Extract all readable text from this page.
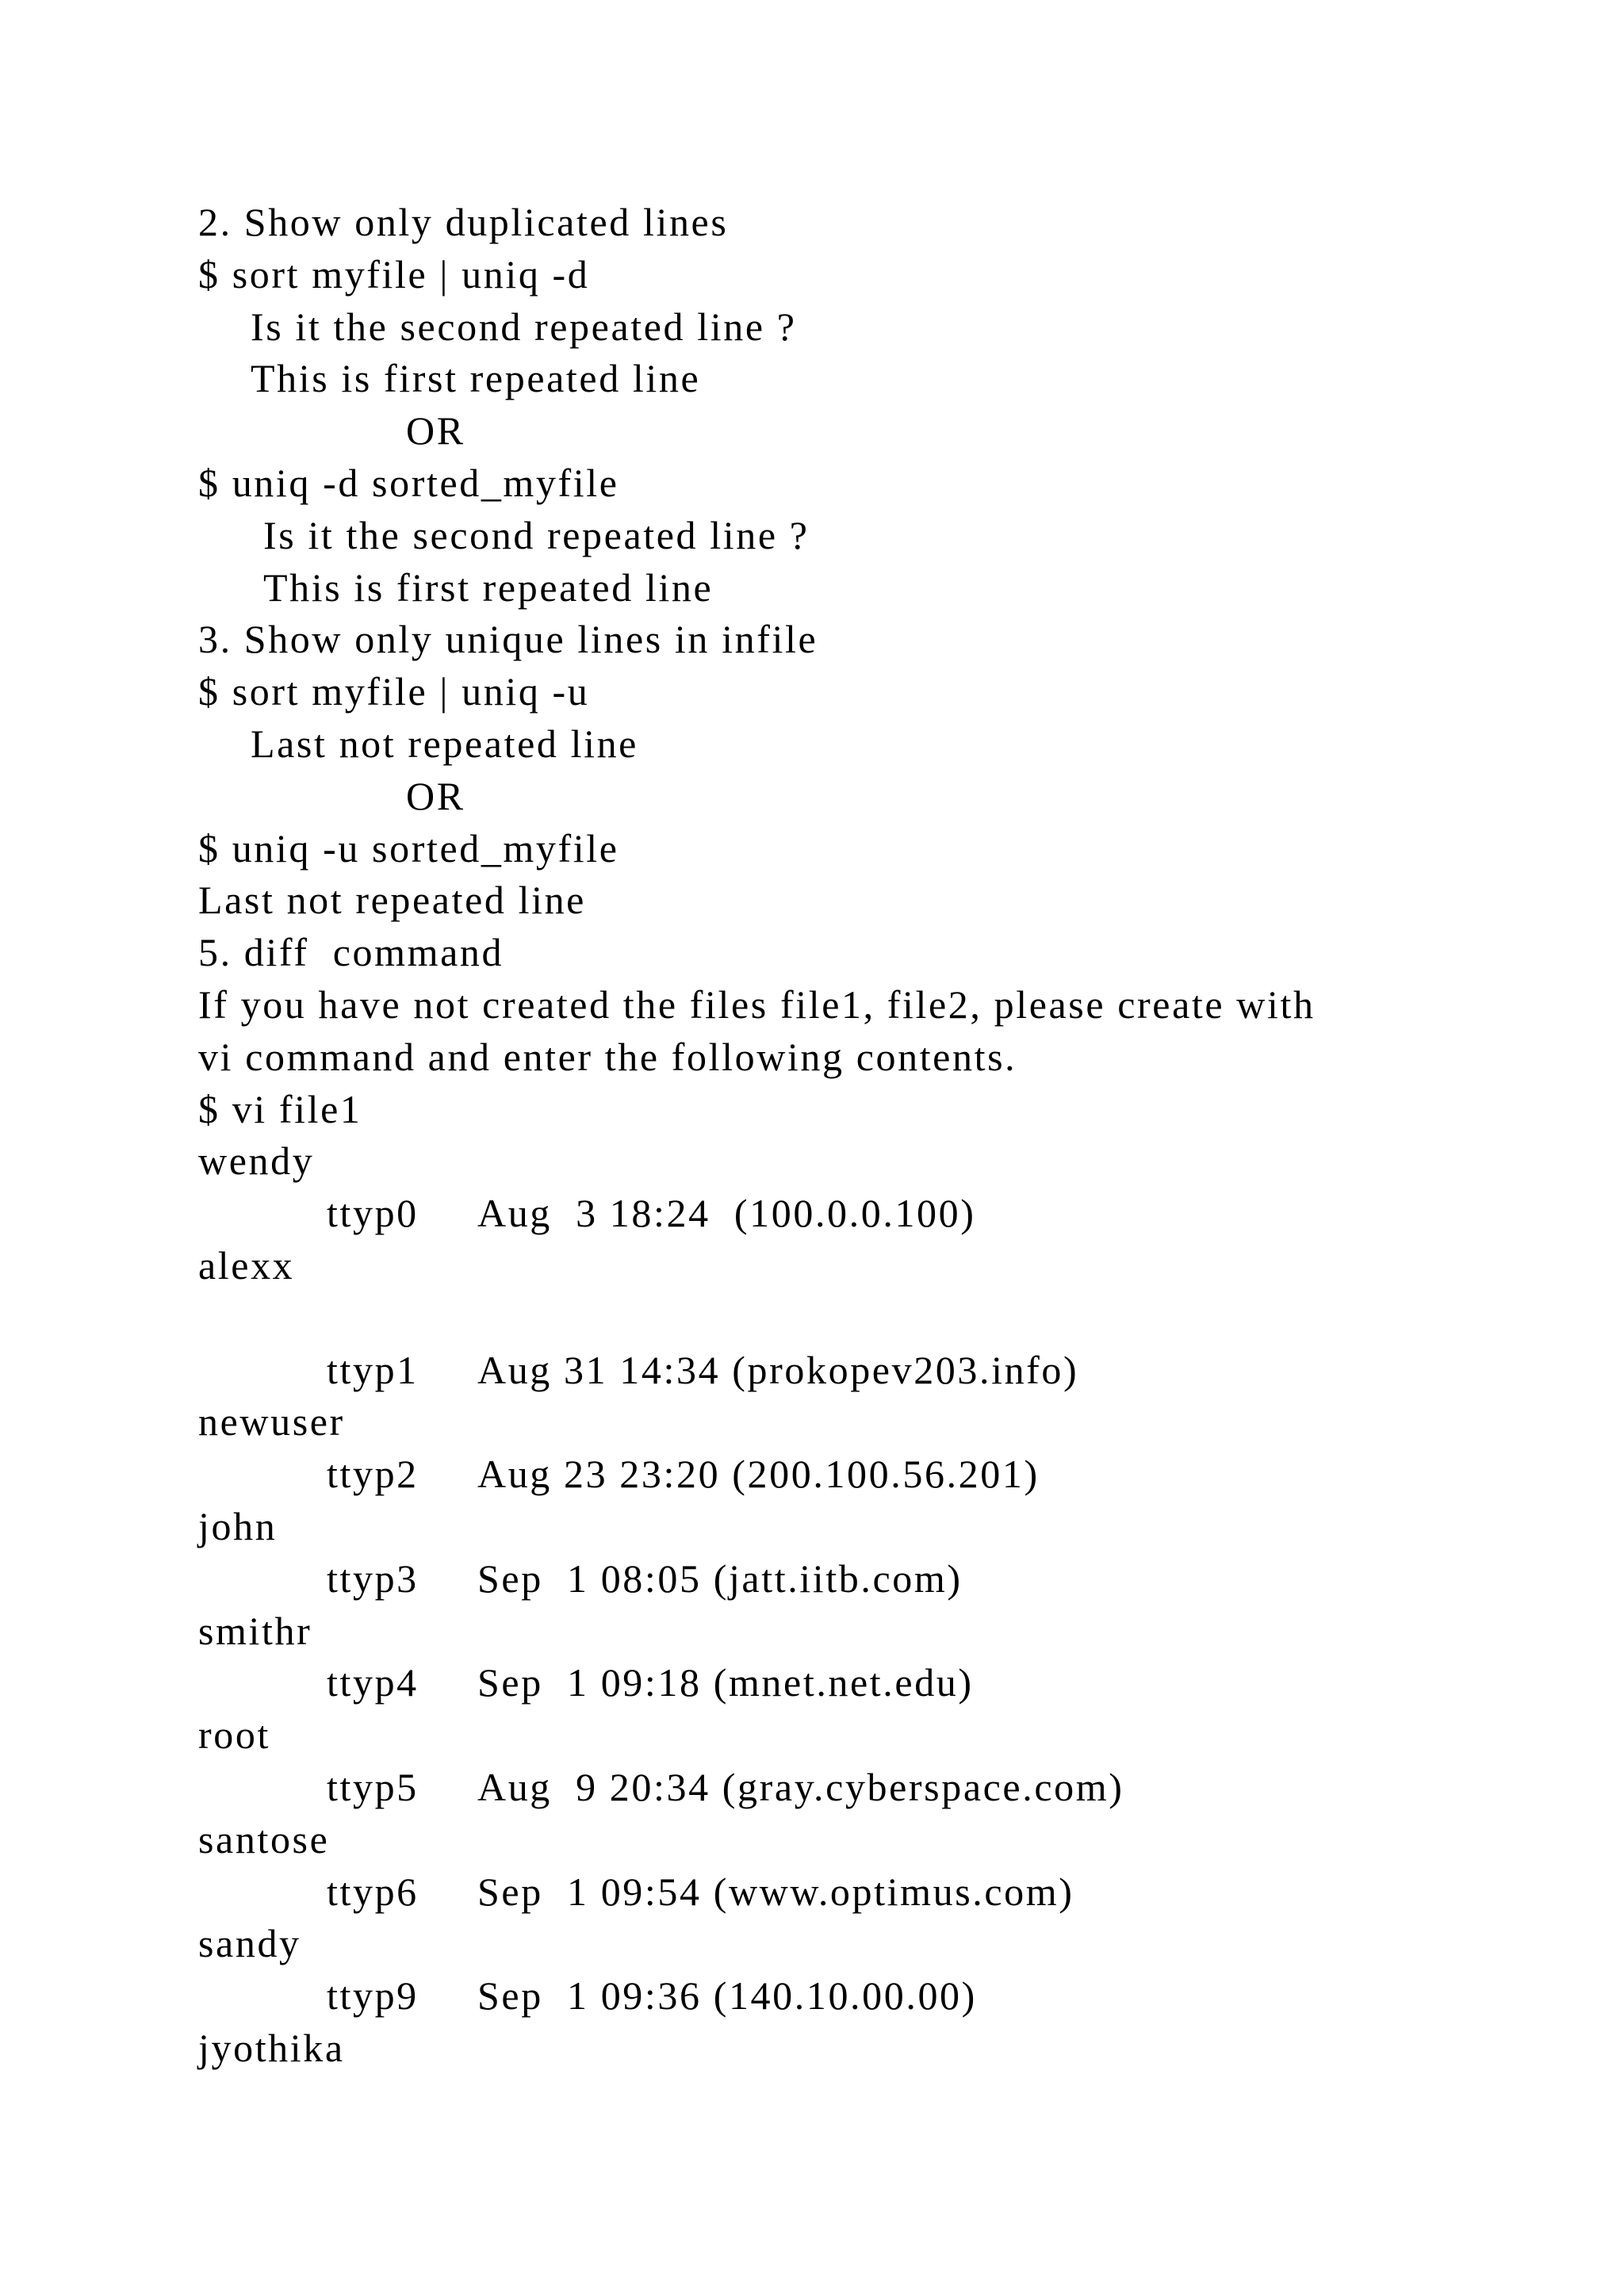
2. Show only duplicated lines
$ sort myfile | uniq -d
Is it the second repeated line ?
This is first repeated line
OR
$ uniq -d sorted_myfile
Is it the second repeated line ?
This is first repeated line
3. Show only unique lines in infile
$ sort myfile | uniq -u
Last not repeated line
OR
$ uniq -u sorted_myfile
Last not repeated line
5. diff  command
If you have not created the files file1, file2, please create with
vi command and enter the following contents.
$ vi file1
wendy
ttyp0 Aug  3 18:24  (100.0.0.100)
alexx
ttyp1 Aug 31 14:34 (prokopev203.info)
newuser
ttyp2 Aug 23 23:20 (200.100.56.201)
john
ttyp3 Sep  1 08:05 (jatt.iitb.com)
smithr
ttyp4 Sep  1 09:18 (mnet.net.edu)
root
ttyp5 Aug  9 20:34 (gray.cyberspace.com)
santose
ttyp6 Sep  1 09:54 (www.optimus.com)
sandy
ttyp9 Sep  1 09:36 (140.10.00.00)
jyothika
